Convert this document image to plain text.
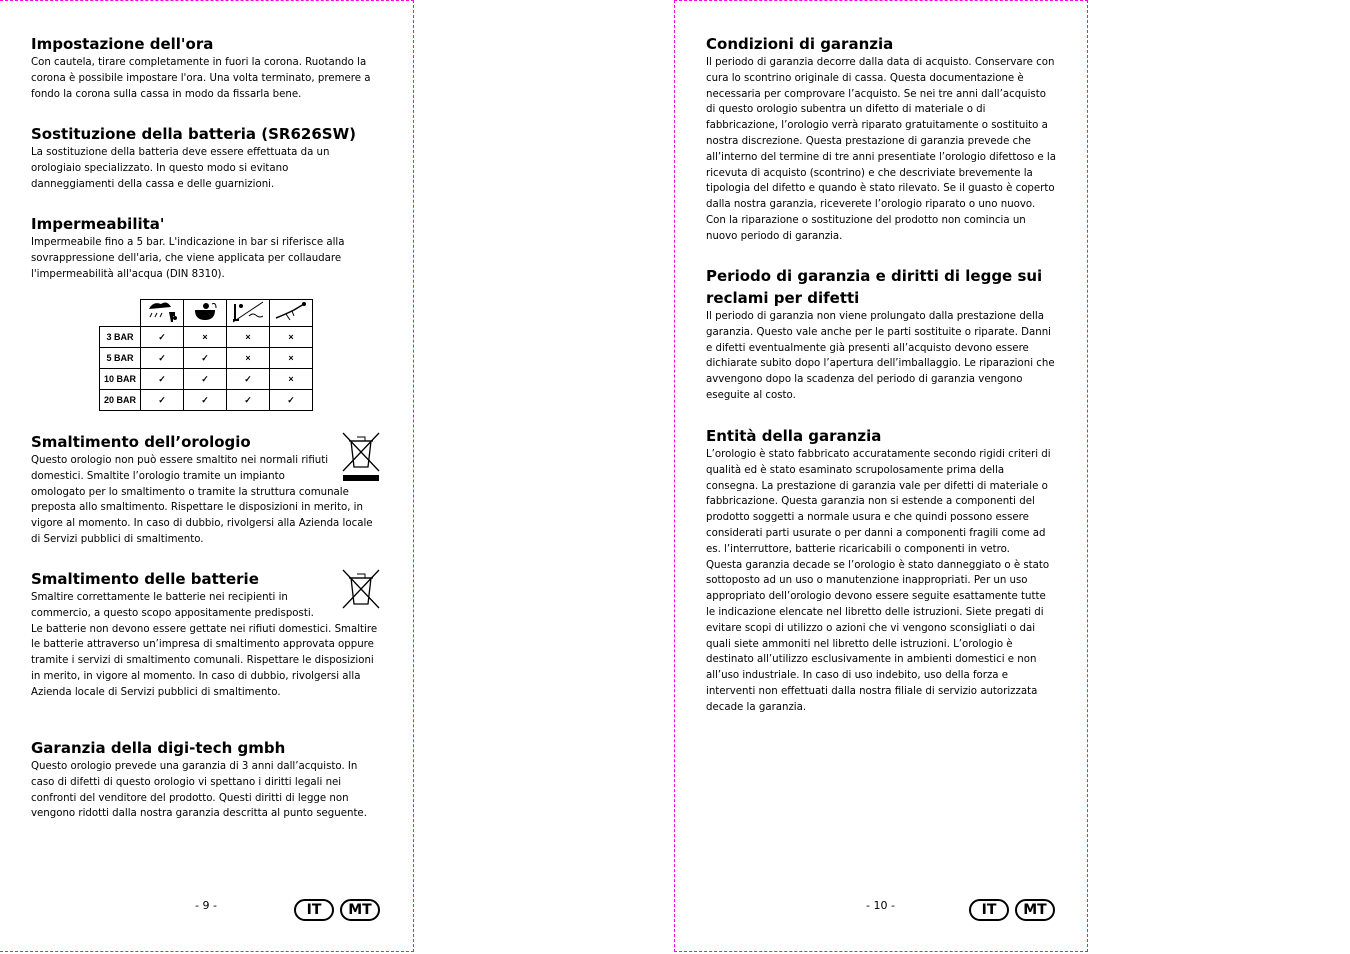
Impostazione dell'ora

Con cautela, tirare completamente in fuori la corona. Ruotando la corona è possibile impostare l'ora. Una volta terminato, premere a fondo la corona sulla cassa in modo da fissarla bene.

Sostituzione della batteria (SR626SW)

La sostituzione della batteria deve essere effettuata da un orologiaio specializzato. In questo modo si evitano danneggiamenti della cassa e delle guarnizioni.

Impermeabilita'

Impermeabile fino a 5 bar. L'indicazione in bar si riferisce alla sovrappressione dell'aria, che viene applicata per collaudare l'impermeabilità all'acqua (DIN 8310).

3 BAR	✓	×	×	×
5 BAR	✓	✓	×	×
10 BAR	✓	✓	✓	×
20 BAR	✓	✓	✓	✓
Smaltimento dell’orologio

Questo orologio non può essere smaltito nei normali rifiuti domestici. Smaltite l’orologio tramite un impianto omologato per lo smaltimento o tramite la struttura comunale preposta allo smaltimento. Rispettare le disposizioni in merito, in vigore al momento. In caso di dubbio, rivolgersi alla Azienda locale di Servizi pubblici di smaltimento.

Smaltimento delle batterie

Smaltire correttamente le batterie nei recipienti in commercio, a questo scopo appositamente predisposti. Le batterie non devono essere gettate nei rifiuti domestici. Smaltire le batterie attraverso un’impresa di smaltimento approvata oppure tramite i servizi di smaltimento comunali. Rispettare le disposizioni in merito, in vigore al momento. In caso di dubbio, rivolgersi alla Azienda locale di Servizi pubblici di smaltimento.

Garanzia della digi-tech gmbh

Questo orologio prevede una garanzia di 3 anni dall’acquisto. In caso di difetti di questo orologio vi spettano i diritti legali nei confronti del venditore del prodotto. Questi diritti di legge non vengono ridotti dalla nostra garanzia descritta al punto seguente.

- 9 -	IT	MT
Condizioni di garanzia

Il periodo di garanzia decorre dalla data di acquisto. Conservare con cura lo scontrino originale di cassa. Questa documentazione è necessaria per comprovare l’acquisto. Se nei tre anni dall’acquisto di questo orologio subentra un difetto di materiale o di fabbricazione, l’orologio verrà riparato gratuitamente o sostituito a nostra discrezione. Questa prestazione di garanzia prevede che all’interno del termine di tre anni presentiate l’orologio difettoso e la ricevuta di acquisto (scontrino) e che descriviate brevemente la tipologia del difetto e quando è stato rilevato. Se il guasto è coperto dalla nostra garanzia, riceverete l’orologio riparato o uno nuovo. Con la riparazione o sostituzione del prodotto non comincia un nuovo periodo di garanzia.

Periodo di garanzia e diritti di legge sui reclami per difetti

Il periodo di garanzia non viene prolungato dalla prestazione della garanzia. Questo vale anche per le parti sostituite o riparate. Danni e difetti eventualmente già presenti all’acquisto devono essere dichiarate subito dopo l’apertura dell’imballaggio. Le riparazioni che avvengono dopo la scadenza del periodo di garanzia vengono eseguite al costo.

Entità della garanzia

L’orologio è stato fabbricato accuratamente secondo rigidi criteri di qualità ed è stato esaminato scrupolosamente prima della consegna. La prestazione di garanzia vale per difetti di materiale o fabbricazione. Questa garanzia non si estende a componenti del prodotto soggetti a normale usura e che quindi possono essere considerati parti usurate o per danni a componenti fragili come ad es. l’interruttore, batterie ricaricabili o componenti in vetro.
Questa garanzia decade se l’orologio è stato danneggiato o è stato sottoposto ad un uso o manutenzione inappropriati. Per un uso appropriato dell’orologio devono essere seguite esattamente tutte le indicazione elencate nel libretto delle istruzioni. Siete pregati di evitare scopi di utilizzo o azioni che vi vengono sconsigliati o dai quali siete ammoniti nel libretto delle istruzioni. L’orologio è destinato all’utilizzo esclusivamente in ambienti domestici e non all’uso industriale. In caso di uso indebito, uso della forza e interventi non effettuati dalla nostra filiale di servizio autorizzata decade la garanzia.

- 10 -	IT	MT
